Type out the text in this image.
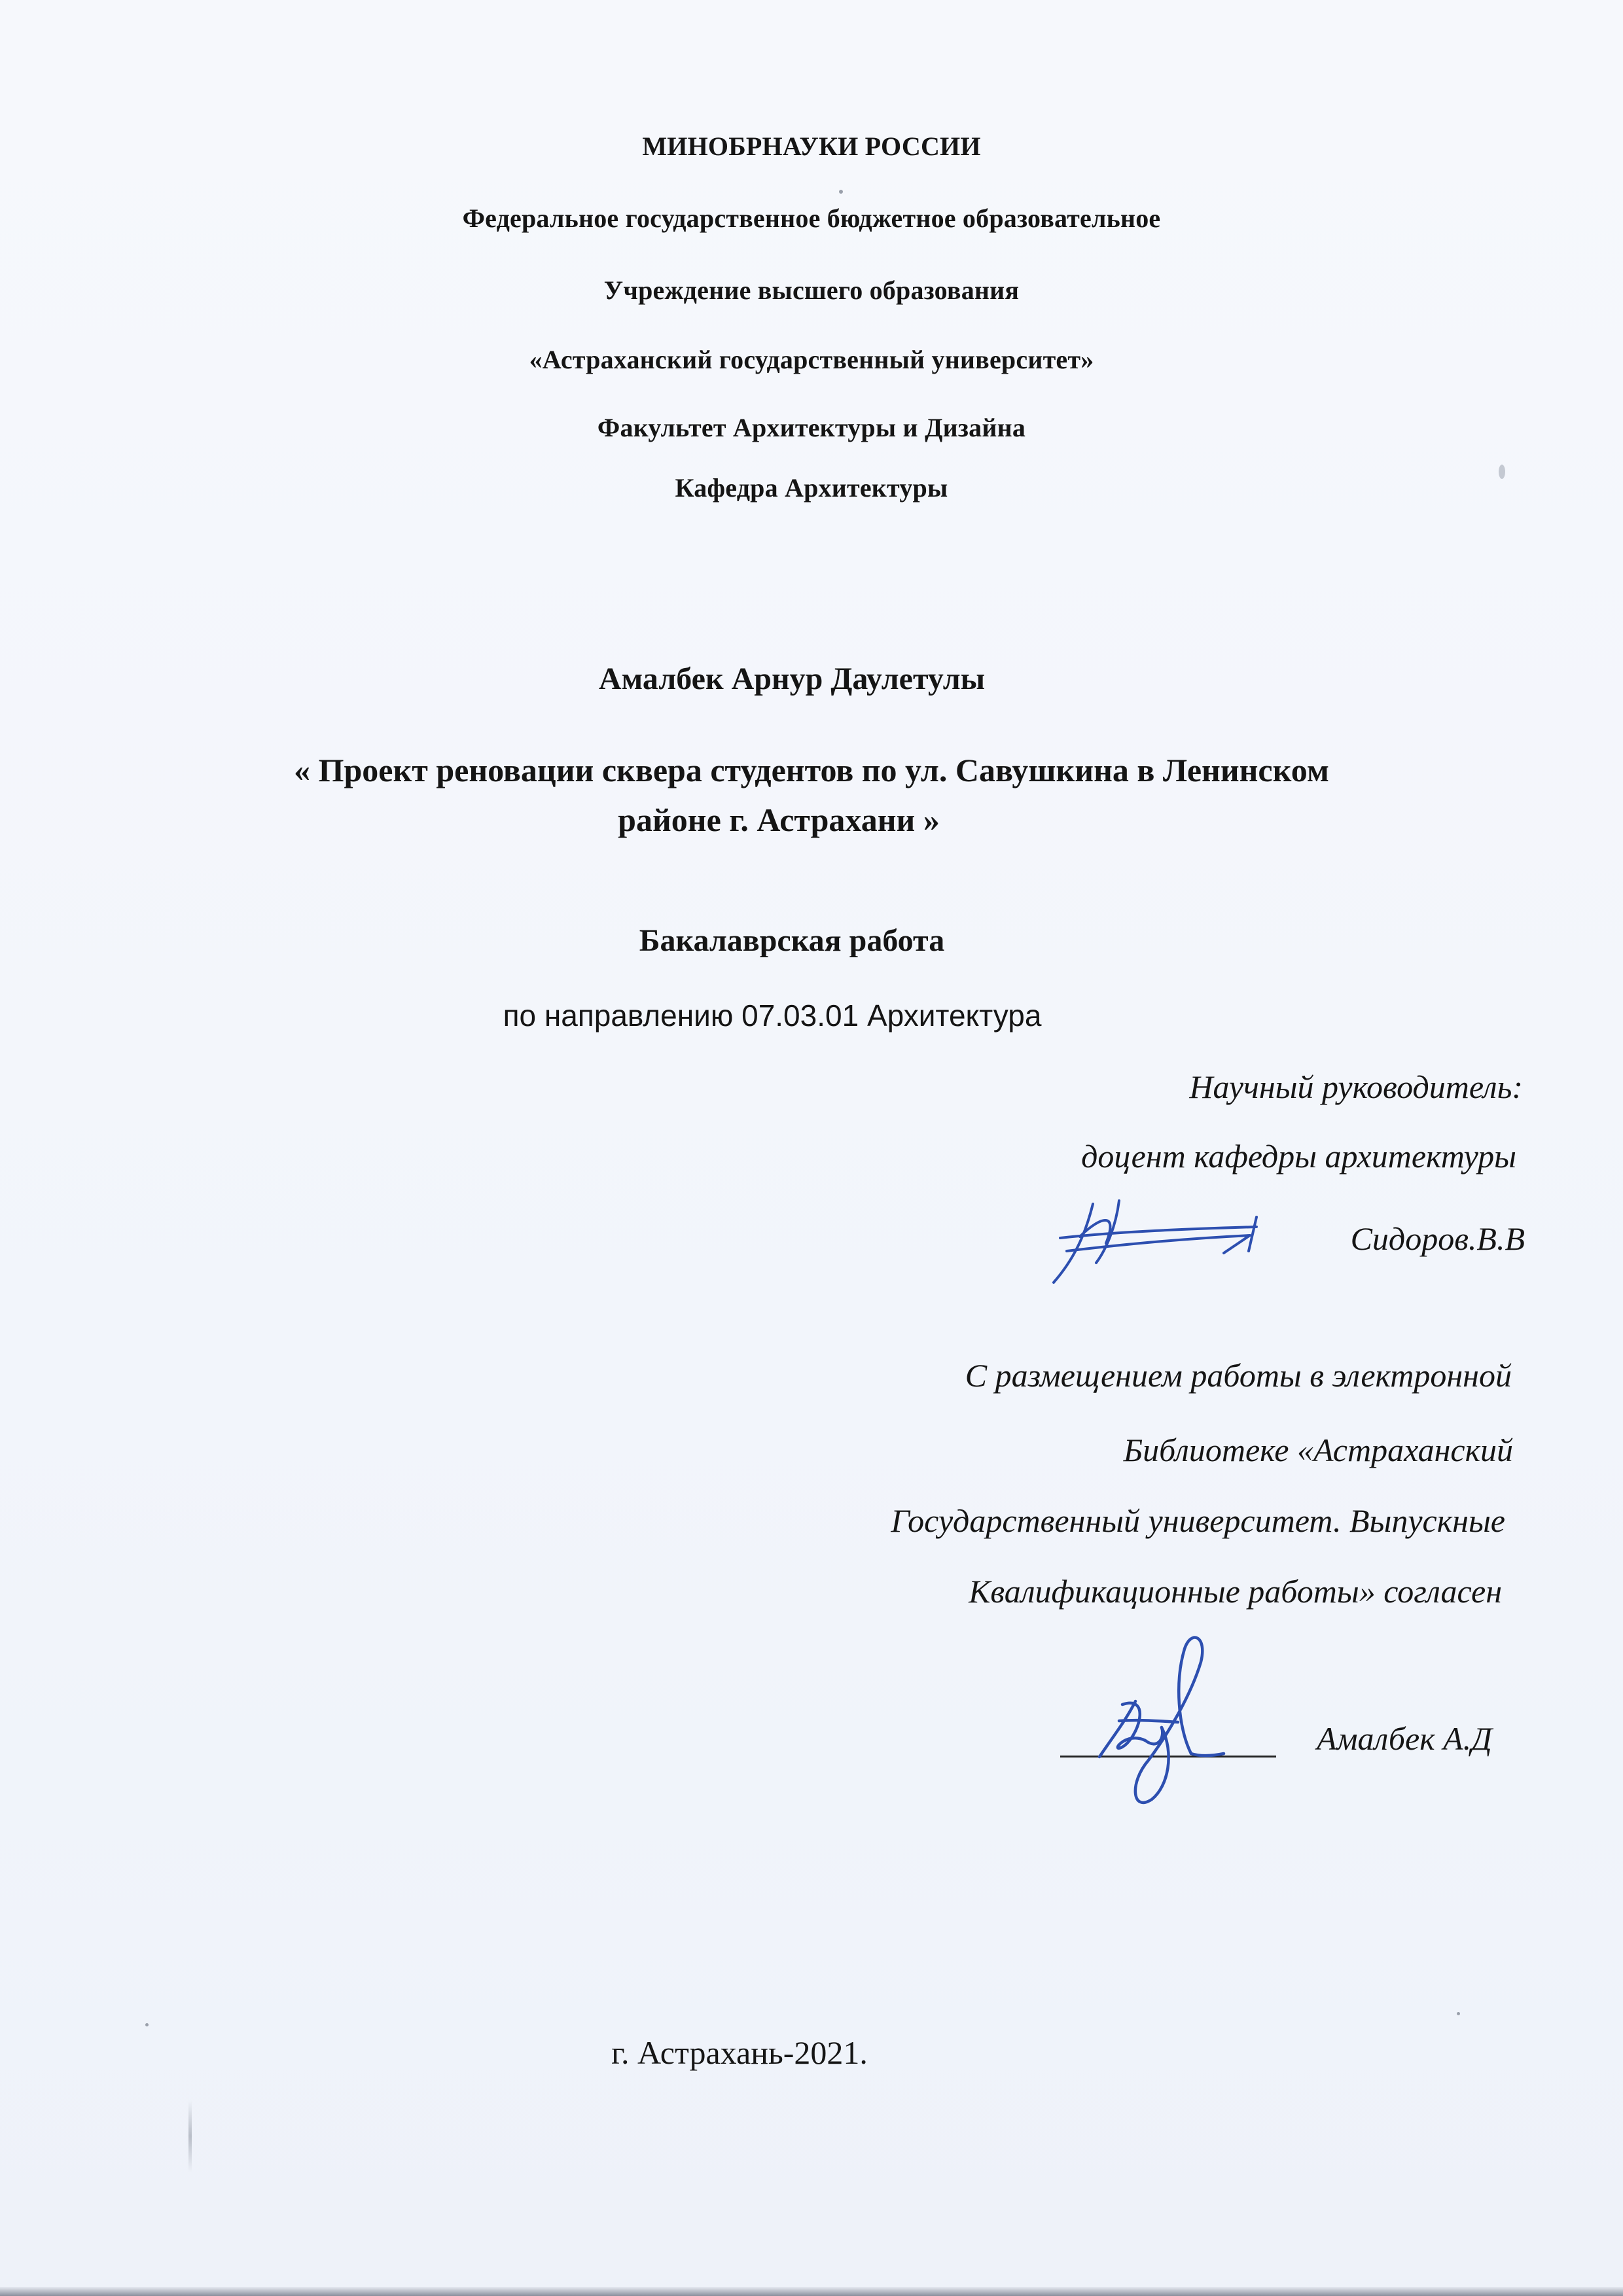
МИНОБРНАУКИ РОССИИ
Федеральное государственное бюджетное образовательное
Учреждение высшего образования
«Астраханский государственный университет»
Факультет Архитектуры и Дизайна
Кафедра Архитектуры
Амалбек Арнур Даулетулы
« Проект реновации сквера студентов по ул. Савушкина в Ленинском
районе г. Астрахани »
Бакалаврская работа
по направлению 07.03.01 Архитектура
Научный руководитель:
доцент кафедры архитектуры
Сидоров.В.В
С размещением работы в электронной
Библиотеке «Астраханский
Государственный университет. Выпускные
Квалификационные работы» согласен
Амалбек А.Д
г. Астрахань-2021.
